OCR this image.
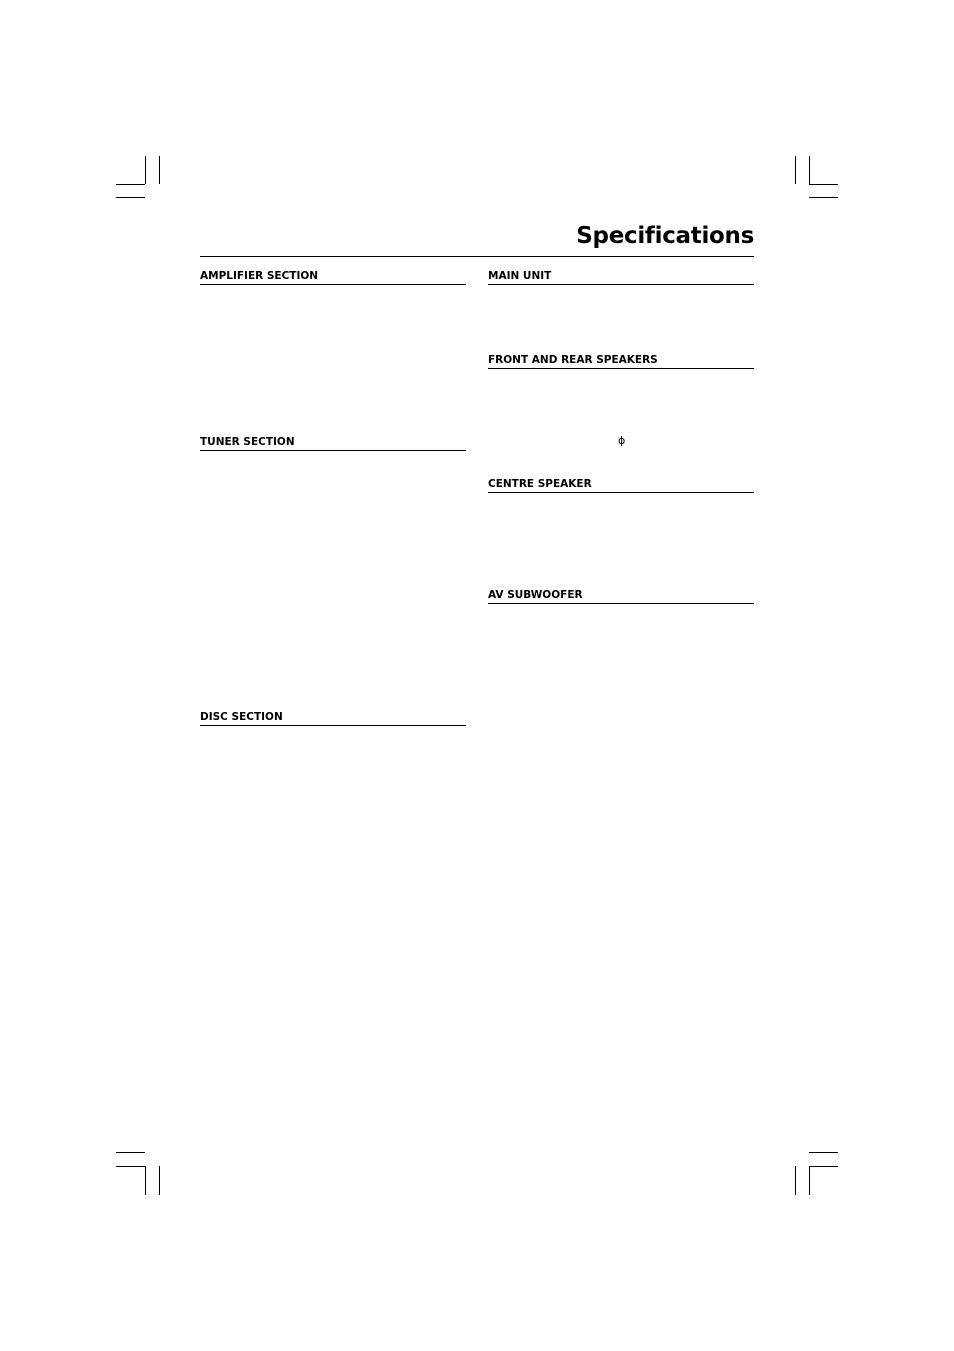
Specifications
AMPLIFIER SECTION	MAIN UNIT
FRONT AND REAR SPEAKERS
TUNER SECTION	ϕ
CENTRE SPEAKER
AV SUBWOOFER
DISC SECTION
